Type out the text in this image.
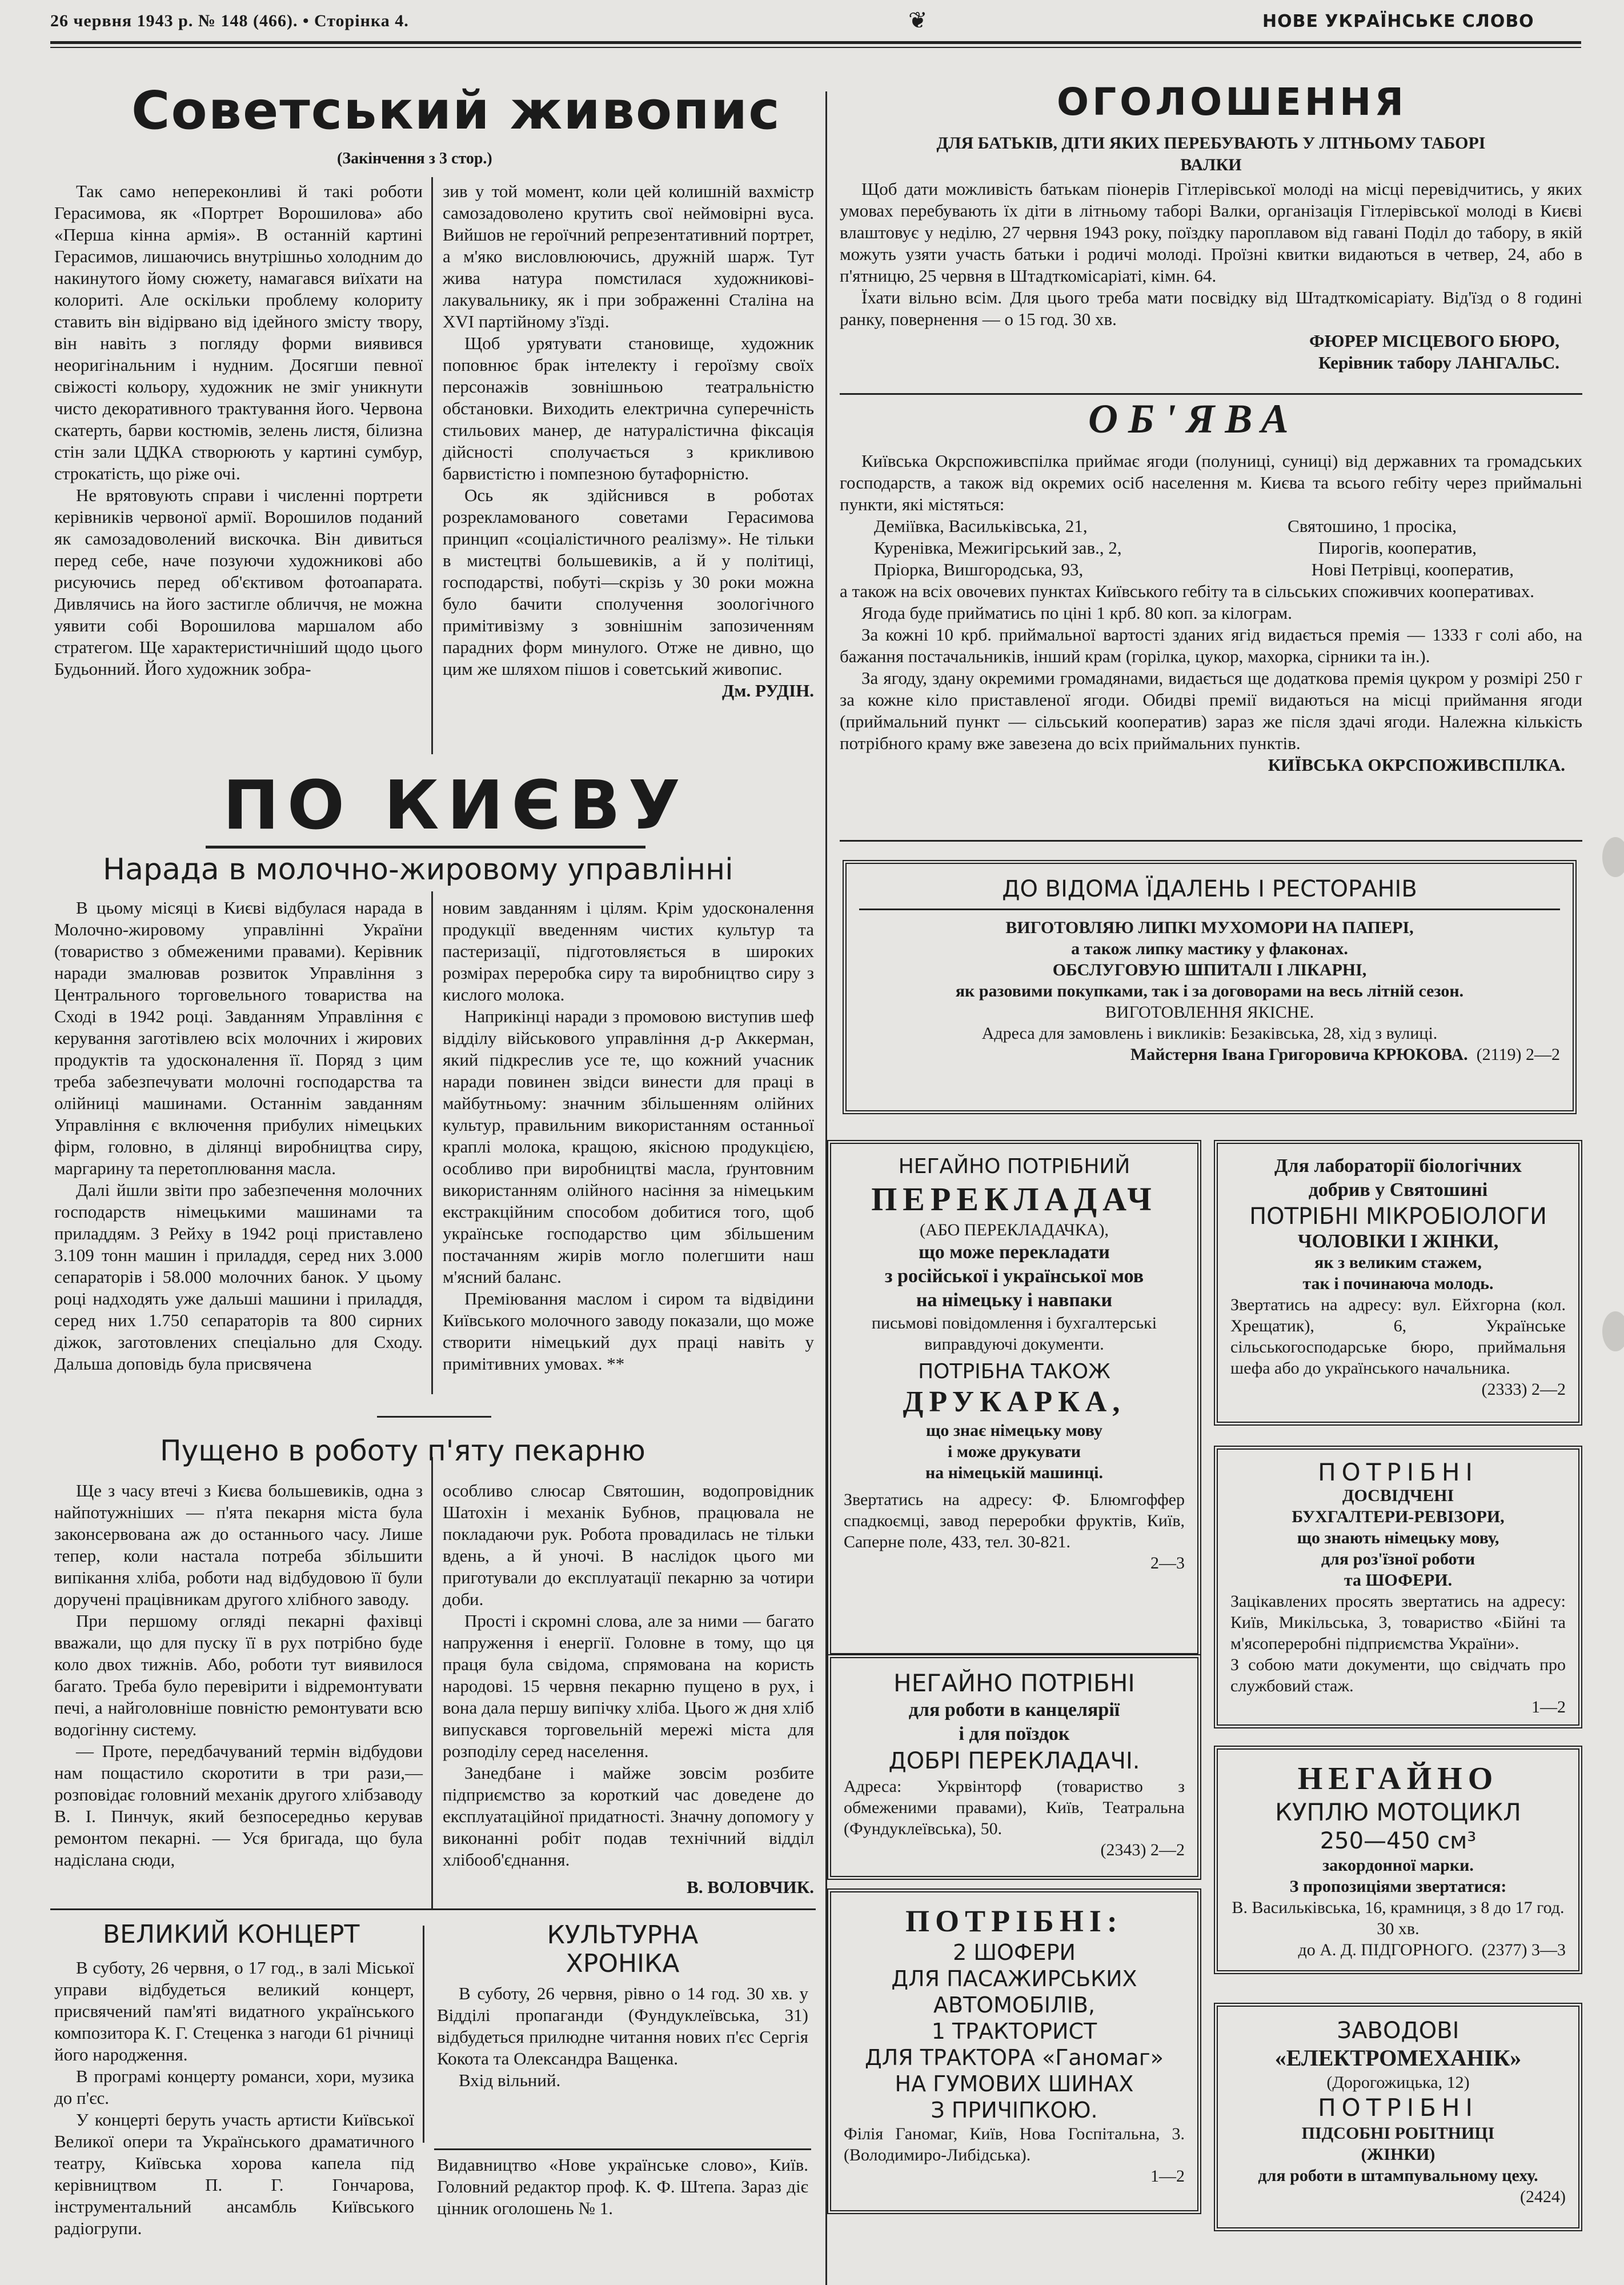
26 червня 1943 р. № 148 (466). • Сторінка 4.	❦	НОВЕ УКРАЇНСЬКЕ СЛОВО
Советський живопис
(Закінчення з 3 стор.)

Так само непереконливі й такі роботи Герасимова, як «Портрет Ворошилова» або «Перша кінна армія». В останній картині Герасимов, лишаючись внутрішньо холодним до накинутого йому сюжету, намагався виїхати на колориті. Але оскільки проблему колориту ставить він відірвано від ідейного змісту твору, він навіть з погляду форми виявився неоригінальним і нудним. Досягши певної свіжості кольору, художник не зміг уникнути чисто декоративного трактування його. Червона скатерть, барви костюмів, зелень листя, білизна стін зали ЦДКА створюють у картині сумбур, строкатість, що ріже очі.

Не врятовують справи і численні портрети керівників червоної армії. Ворошилов поданий як самозадоволений вискочка. Він дивиться перед себе, наче позуючи художникові або рисуючись перед об'єктивом фотоапарата. Дивлячись на його застигле обличчя, не можна уявити собі Ворошилова маршалом або стратегом. Ще характеристичніший щодо цього Будьонний. Його художник зобра-

зив у той момент, коли цей колишній вахмістр самозадоволено крутить свої неймовірні вуса. Вийшов не героїчний репрезентативний портрет, а м'яко висловлюючись, дружній шарж. Тут жива натура помстилася художникові-лакувальнику, як і при зображенні Сталіна на XVI партійному з'їзді.

Щоб урятувати становище, художник поповнює брак інтелекту і героїзму своїх персонажів зовнішньою театральністю обстановки. Виходить електрична суперечність стильових манер, де натуралістична фіксація дійсності сполучається з крикливою барвистістю і помпезною бутафорністю.

Ось як здійснився в роботах розрекламованого советами Герасимова принцип «соціалістичного реалізму». Не тільки в мистецтві большевиків, а й у політиці, господарстві, побуті—скрізь у 30 роки можна було бачити сполучення зоологічного примітивізму з зовнішнім запозиченням парадних форм минулого. Отже не дивно, що цим же шляхом пішов і советський живопис.

Дм. РУДІН.

ПО КИЄВУ
Нарада в молочно-жировому управлінні

В цьому місяці в Києві відбулася нарада в Молочно-жировому управлінні України (товариство з обмеженими правами). Керівник наради змалював розвиток Управління з Центрального торговельного товариства на Сході в 1942 році. Завданням Управління є керування заготівлею всіх молочних і жирових продуктів та удосконалення її. Поряд з цим треба забезпечувати молочні господарства та олійниці машинами. Останнім завданням Управління є включення прибулих німецьких фірм, головно, в ділянці виробництва сиру, маргарину та перетоплювання масла.

Далі йшли звіти про забезпечення молочних господарств німецькими машинами та приладдям. З Рейху в 1942 році приставлено 3.109 тонн машин і приладдя, серед них 3.000 сепараторів і 58.000 молочних банок. У цьому році надходять уже дальші машини і приладдя, серед них 1.750 сепараторів та 800 сирних діжок, заготовлених спеціально для Сходу. Дальша доповідь була присвячена

новим завданням і цілям. Крім удосконалення продукції введенням чистих культур та пастеризації, підготовляється в широких розмірах переробка сиру та виробництво сиру з кислого молока.

Наприкінці наради з промовою виступив шеф відділу військового управління д-р Аккерман, який підкреслив усе те, що кожний учасник наради повинен звідси винести для праці в майбутньому: значним збільшенням олійних культур, правильним використанням останньої краплі молока, кращою, якісною продукцією, особливо при виробництві масла, ґрунтовним використанням олійного насіння за німецьким екстракційним способом добитися того, щоб українське господарство цим збільшеним постачанням жирів могло полегшити наш м'ясний баланс.

Преміювання маслом і сиром та відвідини Київського молочного заводу показали, що може створити німецький дух праці навіть у примітивних умовах. **

Пущено в роботу п'яту пекарню

Ще з часу втечі з Києва большевиків, одна з найпотужніших — п'ята пекарня міста була законсервована аж до останнього часу. Лише тепер, коли настала потреба збільшити випікання хліба, роботи над відбудовою її були доручені працівникам другого хлібного заводу.

При першому огляді пекарні фахівці вважали, що для пуску її в рух потрібно буде коло двох тижнів. Або, роботи тут виявилося багато. Треба було перевірити і відремонтувати печі, а найголовніше повністю ремонтувати всю водогінну систему.

— Проте, передбачуваний термін відбудови нам пощастило скоротити в три рази,—розповідає головний механік другого хлібзаводу В. І. Пинчук, який безпосередньо керував ремонтом пекарні. — Уся бригада, що була надіслана сюди,

особливо слюсар Святошин, водопровідник Шатохін і механік Бубнов, працювала не покладаючи рук. Робота провадилась не тільки вдень, а й уночі. В наслідок цього ми приготували до експлуатації пекарню за чотири доби.

Прості і скромні слова, але за ними — багато напруження і енергії. Головне в тому, що ця праця була свідома, спрямована на користь народові. 15 червня пекарню пущено в рух, і вона дала першу випічку хліба. Цього ж дня хліб випускався торговельній мережі міста для розподілу серед населення.

Занедбане і майже зовсім розбите підприємство за короткий час доведене до експлуатаційної придатності. Значну допомогу у виконанні робіт подав технічний відділ хлібооб'єднання.

В. ВОЛОВЧИК.

ВЕЛИКИЙ КОНЦЕРТ

В суботу, 26 червня, о 17 год., в залі Міської управи відбудеться великий концерт, присвячений пам'яті видатного українського композитора К. Г. Стеценка з нагоди 61 річниці його народження.

В програмі концерту романси, хори, музика до п'єс.

У концерті беруть участь артисти Київської Великої опери та Українського драматичного театру, Київська хорова капела під керівництвом П. Г. Гончарова, інструментальний ансамбль Київського радіогрупи.

КУЛЬТУРНА
ХРОНІКА

В суботу, 26 червня, рівно о 14 год. 30 хв. у Відділі пропаганди (Фундуклеївська, 31) відбудеться прилюдне читання нових п'єс Сергія Кокота та Олександра Ващенка.

Вхід вільний.

Видавництво «Нове українське слово», Київ. Головний редактор проф. К. Ф. Штепа. Зараз діє цінник оголошень № 1.

ОГОЛОШЕННЯ
ДЛЯ БАТЬКІВ, ДІТИ ЯКИХ ПЕРЕБУВАЮТЬ У ЛІТНЬОМУ ТАБОРІ
ВАЛКИ

Щоб дати можливість батькам піонерів Гітлерівської молоді на місці перевідчитись, у яких умовах перебувають їх діти в літньому таборі Валки, організація Гітлерівської молоді в Києві влаштовує у неділю, 27 червня 1943 року, поїздку пароплавом від гавані Поділ до табору, в якій можуть узяти участь батьки і родичі молоді. Проїзні квитки видаються в четвер, 24, або в п'ятницю, 25 червня в Штадткомісаріаті, кімн. 64.

Їхати вільно всім. Для цього треба мати посвідку від Штадткомісаріату. Від'їзд о 8 годині ранку, повернення — о 15 год. 30 хв.

ФЮРЕР МІСЦЕВОГО БЮРО,

Керівник табору ЛАНГАЛЬС.

ОБ'ЯВА

Київська Окрспоживспілка приймає ягоди (полуниці, суниці) від державних та громадських господарств, а також від окремих осіб населення м. Києва та всього гебіту через приймальні пункти, які містяться:

Деміївка, Васильківська, 21,	Святошино, 1 просіка,
Куренівка, Межигірський зав., 2,	Пирогів, кооператив,
Пріорка, Вишгородська, 93,	Нові Петрівці, кооператив,

а також на всіх овочевих пунктах Київського гебіту та в сільських споживчих кооперативах.

Ягода буде прийматись по ціні 1 крб. 80 коп. за кілограм.

За кожні 10 крб. приймальної вартості зданих ягід видається премія — 1333 г солі або, на бажання постачальників, інший крам (горілка, цукор, махорка, сірники та ін.).

За ягоду, здану окремими громадянами, видається ще додаткова премія цукром у розмірі 250 г за кожне кіло приставленої ягоди. Обидві премії видаються на місці приймання ягоди (приймальний пункт — сільський кооператив) зараз же після здачі ягоди. Належна кількість потрібного краму вже завезена до всіх приймальних пунктів.

КИЇВСЬКА ОКРСПОЖИВСПІЛКА.

ДО ВІДОМА ЇДАЛЕНЬ І РЕСТОРАНІВ

ВИГОТОВЛЯЮ ЛИПКІ МУХОМОРИ НА ПАПЕРІ,

а також липку мастику у флаконах.

ОБСЛУГОВУЮ ШПИТАЛІ І ЛІКАРНІ,

як разовими покупками, так і за договорами на весь літній сезон.

ВИГОТОВЛЕННЯ ЯКІСНЕ.

Адреса для замовлень і викликів: Безаківська, 28, хід з вулиці.

Майстерня Івана Григоровича КРЮКОВА. (2119) 2—2

НЕГАЙНО ПОТРІБНИЙ

ПЕРЕКЛАДАЧ

(АБО ПЕРЕКЛАДАЧКА),

що може перекладати

з російської і української мов

на німецьку і навпаки

письмові повідомлення і бухгалтерські виправдуючі документи.

ПОТРІБНА ТАКОЖ

ДРУКАРКА,

що знає німецьку мову

і може друкувати

на німецькій машинці.

Звертатись на адресу: Ф. Блюмгоффер спадкоємці, завод переробки фруктів, Київ, Саперне поле, 433, тел. 30-821.

2—3

Для лабораторії біологічних

добрив у Святошині

ПОТРІБНІ МІКРОБІОЛОГИ

ЧОЛОВІКИ І ЖІНКИ,

як з великим стажем,

так і починаюча молодь.

Звертатись на адресу: вул. Ейхгорна (кол. Хрещатик), 6, Українське сільськогосподарське бюро, приймальня шефа або до українського начальника.

(2333) 2—2

ПОТРІБНІ

ДОСВІДЧЕНІ

БУХГАЛТЕРИ-РЕВІЗОРИ,

що знають німецьку мову,

для роз'їзної роботи

та ШОФЕРИ.

Зацікавлених просять звертатись на адресу: Київ, Микільська, 3, товариство «Бійні та м'ясопереробні підприємства України».

З собою мати документи, що свідчать про службовий стаж.

1—2

НЕГАЙНО ПОТРІБНІ

для роботи в канцелярії

і для поїздок

ДОБРІ ПЕРЕКЛАДАЧІ.

Адреса: Укрвінторф (товариство з обмеженими правами), Київ, Театральна (Фундуклеївська), 50.

(2343) 2—2

НЕГАЙНО

КУПЛЮ МОТОЦИКЛ

250—450 см³

закордонної марки.

З пропозиціями звертатися:

В. Васильківська, 16, крамниця, з 8 до 17 год. 30 хв.

до А. Д. ПІДГОРНОГО. (2377) 3—3

ПОТРІБНІ:

2 ШОФЕРИ

ДЛЯ ПАСАЖИРСЬКИХ

АВТОМОБІЛІВ,

1 ТРАКТОРИСТ

ДЛЯ ТРАКТОРА «Ганомаг»

НА ГУМОВИХ ШИНАХ

З ПРИЧІПКОЮ.

Філія Ганомаг, Київ, Нова Госпітальна, 3. (Володимиро-Либідська).

1—2

ЗАВОДОВІ

«ЕЛЕКТРОМЕХАНІК»

(Дорогожицька, 12)

ПОТРІБНІ

ПІДСОБНІ РОБІТНИЦІ

(ЖІНКИ)

для роботи в штампувальному цеху.

(2424)
